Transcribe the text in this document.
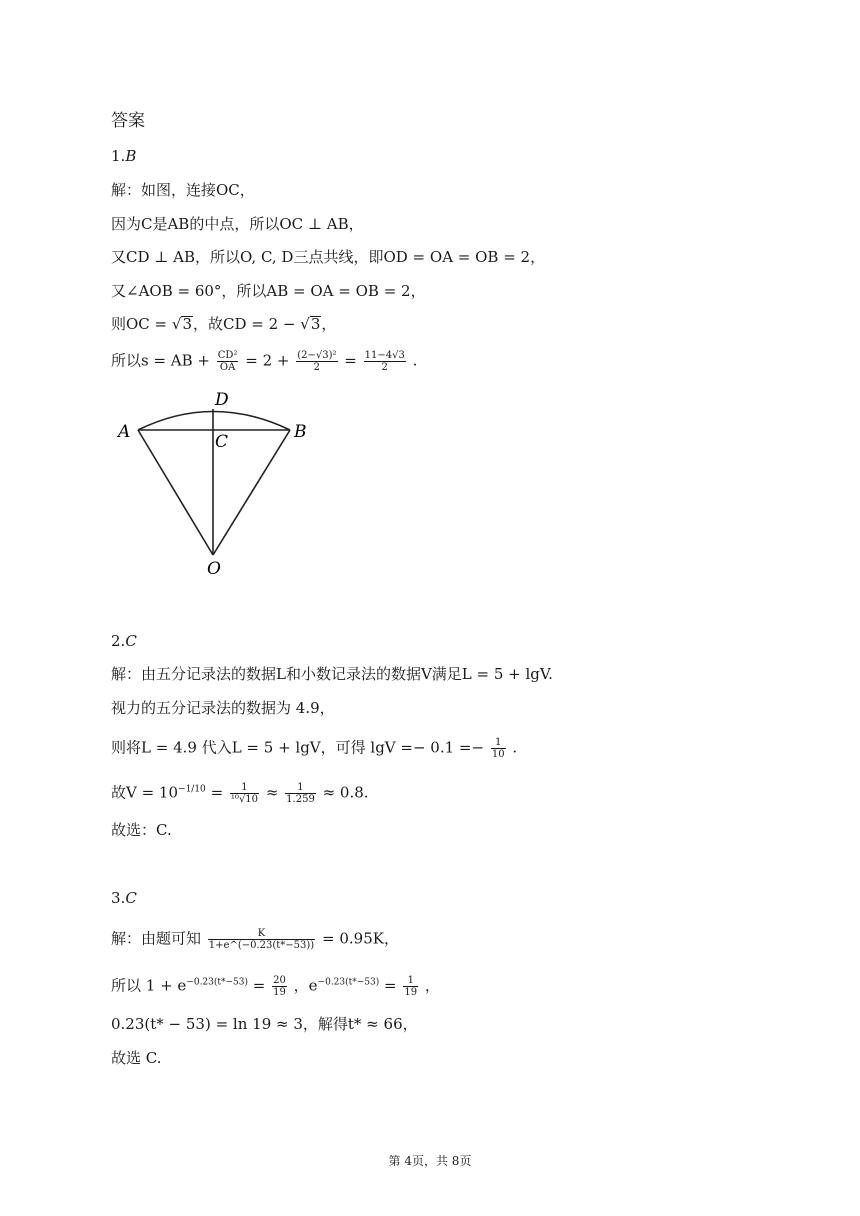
答案
1.B
解：如图，连接OC，
因为C是AB的中点，所以OC ⊥ AB，
又CD ⊥ AB，所以O, C, D三点共线，即OD = OA = OB = 2，
又∠AOB = 60°，所以AB = OA = OB = 2，
则OC = √3，故CD = 2 − √3，
所以s = AB + $\frac{\text{CD²}}{OA} = 2 + \frac{\text{(2−√3)²}}{2} = \frac{11-4√3}{2}$ .
D
A	B
C
O
2.C
解：由五分记录法的数据L和小数记录法的数据V满足L = 5 + lgV.
视力的五分记录法的数据为 4.9，
则将L = 4.9 代入L = 5 + lgV，可得 $\lg V =- 0.1 =- \frac{1}{10}$ .
故$V = 10^{-1/10} = \frac{1}{\text{¹⁰√10}} \approx \frac{1}{1.259} \approx 0.8$.
故选：C.
3.C
解：由题可知 $\frac{K}{1+e\^{}(-0.23(t*-53))} = 0.95K$，
所以 $1 + e^{-0.23(t*-53)} = \frac{20}{19}$ ，$e^{-0.23(t*-53)} = \frac{1}{19}$ ，
0.23(t* − 53) = ln 19 ≈ 3，解得t* ≈ 66，
故选 C.
第 4页，共 8页
